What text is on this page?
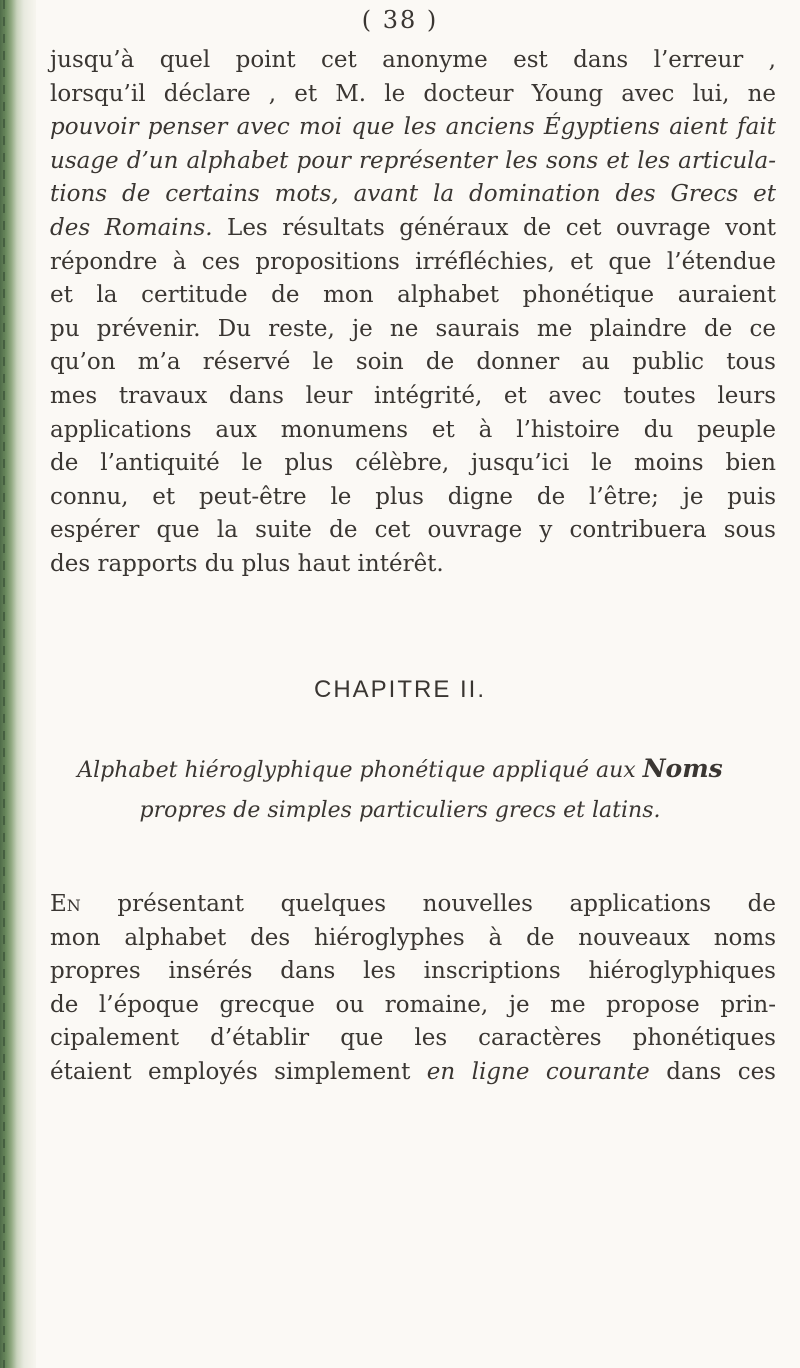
( 38 )
jusqu’à quel point cet anonyme est dans l’erreur ,
lorsqu’il déclare , et M. le docteur Young avec lui, ne
pouvoir penser avec moi que les anciens Égyptiens aient fait
usage d’un alphabet pour représenter les sons et les articula-
tions de certains mots, avant la domination des Grecs et
des Romains. Les résultats généraux de cet ouvrage vont
répondre à ces propositions irréfléchies, et que l’étendue
et la certitude de mon alphabet phonétique auraient
pu prévenir. Du reste, je ne saurais me plaindre de ce
qu’on m’a réservé le soin de donner au public tous
mes travaux dans leur intégrité, et avec toutes leurs
applications aux monumens et à l’histoire du peuple
de l’antiquité le plus célèbre, jusqu’ici le moins bien
connu, et peut-être le plus digne de l’être; je puis
espérer que la suite de cet ouvrage y contribuera sous
des rapports du plus haut intérêt.
CHAPITRE II.
Alphabet hiéroglyphique phonétique appliqué aux Noms
propres de simples particuliers grecs et latins.
En présentant quelques nouvelles applications de
mon alphabet des hiéroglyphes à de nouveaux noms
propres insérés dans les inscriptions hiéroglyphiques
de l’époque grecque ou romaine, je me propose prin-
cipalement d’établir que les caractères phonétiques
étaient employés simplement en ligne courante dans ces
